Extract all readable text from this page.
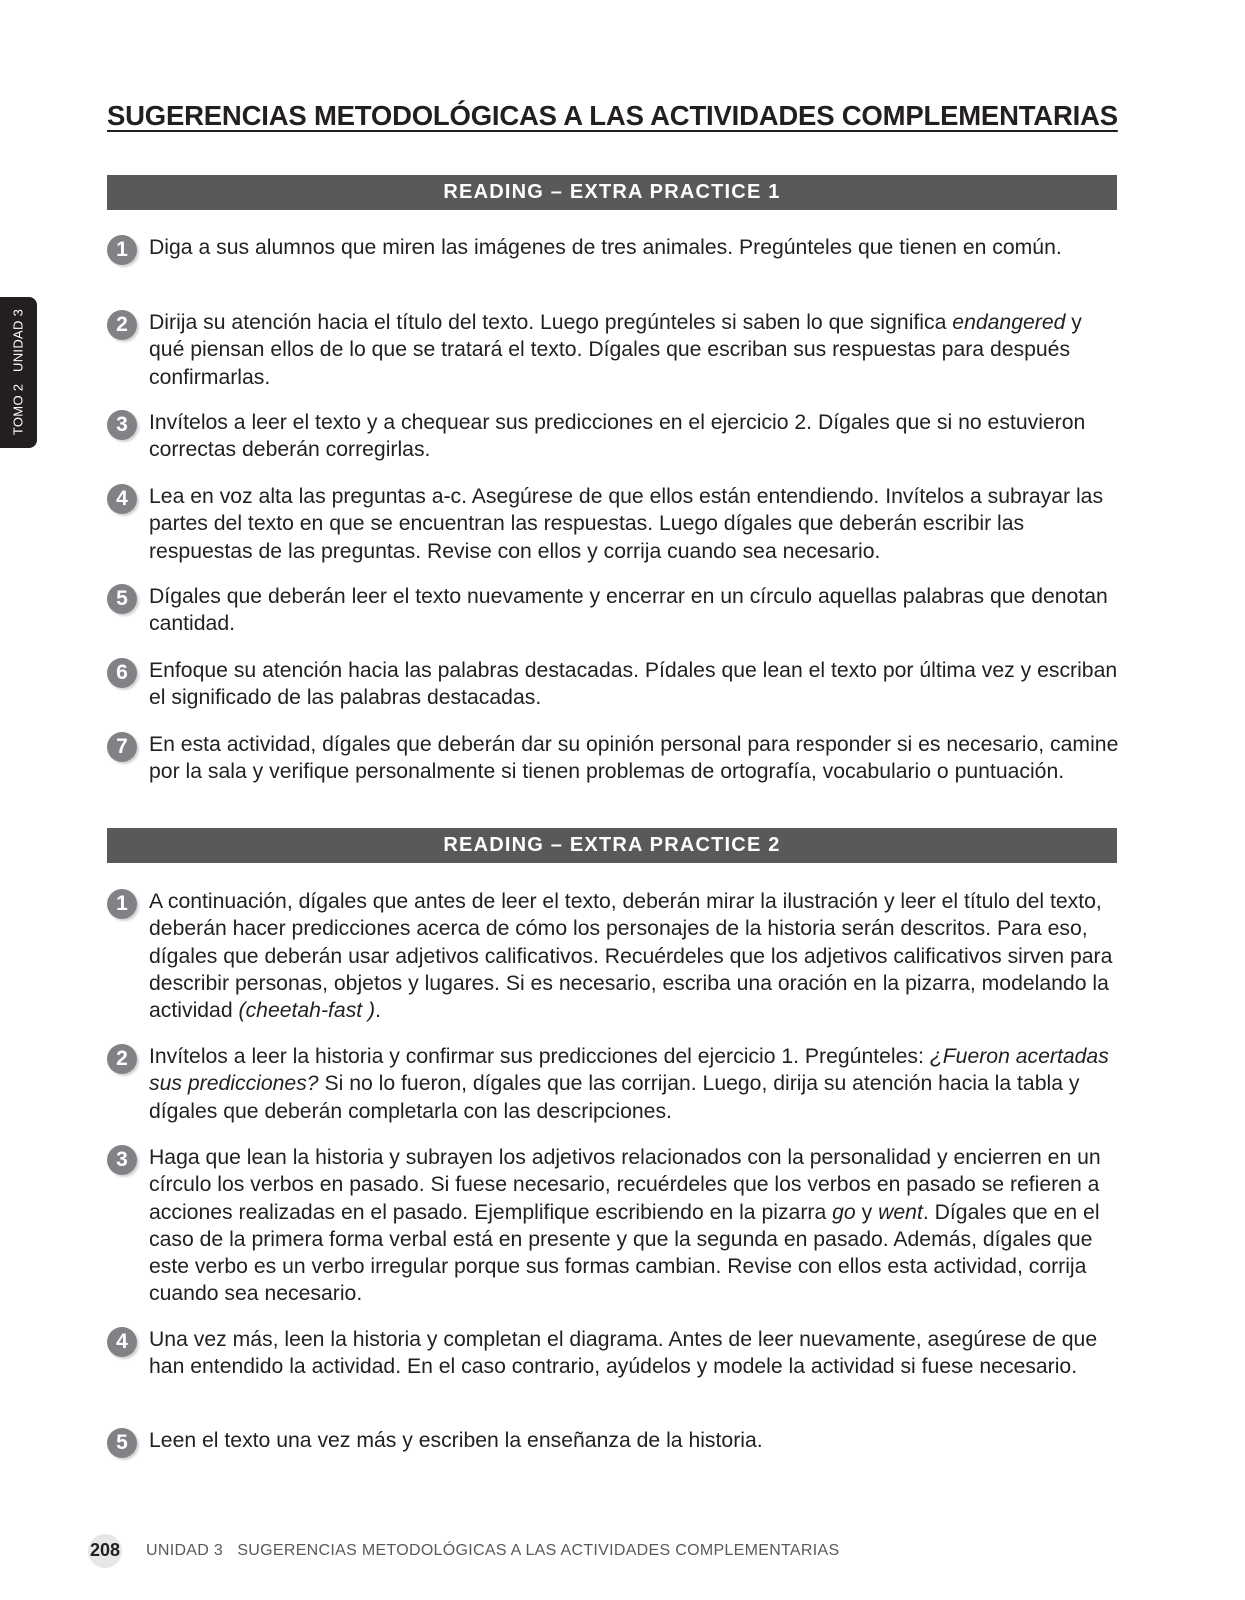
TOMO 2   UNIDAD 3
SUGERENCIAS METODOLÓGICAS A LAS ACTIVIDADES COMPLEMENTARIAS
READING – EXTRA PRACTICE 1
1 Diga a sus alumnos que miren las imágenes de tres animales. Pregúnteles que tienen en común.

2 Dirija su atención hacia el título del texto. Luego pregúnteles si saben lo que significa endangered y qué piensan ellos de lo que se tratará el texto. Dígales que escriban sus respuestas para después confirmarlas.

3 Invítelos a leer el texto y a chequear sus predicciones en el ejercicio 2. Dígales que si no estuvieron correctas deberán corregirlas.

4 Lea en voz alta las preguntas a-c. Asegúrese de que ellos están entendiendo. Invítelos a subrayar las partes del texto en que se encuentran las respuestas. Luego dígales que deberán escribir las respuestas de las preguntas. Revise con ellos y corrija cuando sea necesario.

5 Dígales que deberán leer el texto nuevamente y encerrar en un círculo aquellas palabras que denotan cantidad.

6 Enfoque su atención hacia las palabras destacadas. Pídales que lean el texto por última vez y escriban el significado de las palabras destacadas.

7 En esta actividad, dígales que deberán dar su opinión personal para responder si es necesario, camine por la sala y verifique personalmente si tienen problemas de ortografía, vocabulario o puntuación.

READING – EXTRA PRACTICE 2
1 A continuación, dígales que antes de leer el texto, deberán mirar la ilustración y leer el título del texto, deberán hacer predicciones acerca de cómo los personajes de la historia serán descritos. Para eso, dígales que deberán usar adjetivos calificativos. Recuérdeles que los adjetivos calificativos sirven para describir personas, objetos y lugares. Si es necesario, escriba una oración en la pizarra, modelando la actividad (cheetah-fast ).

2 Invítelos a leer la historia y confirmar sus predicciones del ejercicio 1. Pregúnteles: ¿Fueron acertadas sus predicciones? Si no lo fueron, dígales que las corrijan. Luego, dirija su atención hacia la tabla y dígales que deberán completarla con las descripciones.

3 Haga que lean la historia y subrayen los adjetivos relacionados con la personalidad y encierren en un círculo los verbos en pasado. Si fuese necesario, recuérdeles que los verbos en pasado se refieren a acciones realizadas en el pasado. Ejemplifique escribiendo en la pizarra go y went. Dígales que en el caso de la primera forma verbal está en presente y que la segunda en pasado. Además, dígales que este verbo es un verbo irregular porque sus formas cambian. Revise con ellos esta actividad, corrija cuando sea necesario.

4 Una vez más, leen la historia y completan el diagrama. Antes de leer nuevamente, asegúrese de que han entendido la actividad. En el caso contrario, ayúdelos y modele la actividad si fuese necesario.

5 Leen el texto una vez más y escriben la enseñanza de la historia.

208 UNIDAD 3   SUGERENCIAS METODOLÓGICAS A LAS ACTIVIDADES COMPLEMENTARIAS
